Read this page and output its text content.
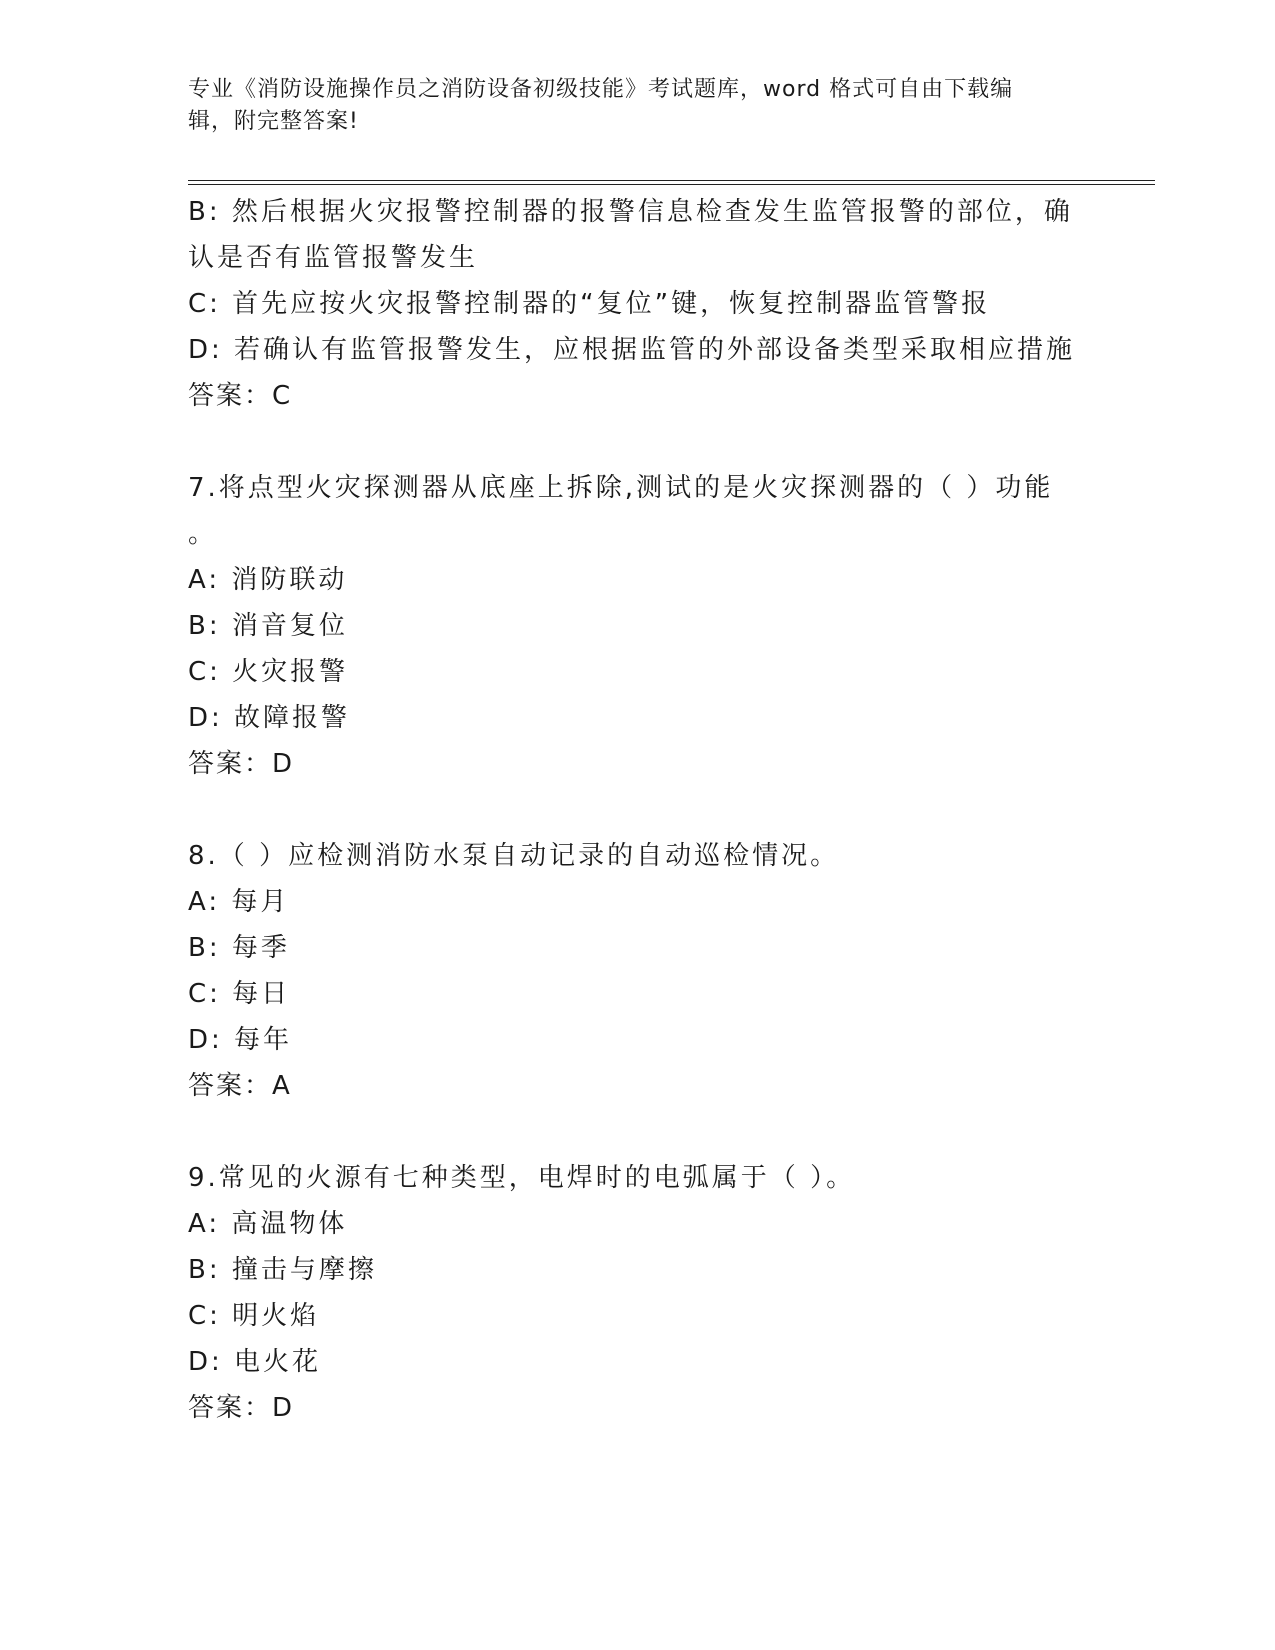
专业《消防设施操作员之消防设备初级技能》考试题库，word 格式可自由下载编
辑，附完整答案!
B: 然后根据火灾报警控制器的报警信息检查发生监管报警的部位，确
认是否有监管报警发生
C: 首先应按火灾报警控制器的“复位”键，恢复控制器监管警报
D: 若确认有监管报警发生，应根据监管的外部设备类型采取相应措施
答案：C
7.将点型火灾探测器从底座上拆除,测试的是火灾探测器的（ ）功能
。
A: 消防联动
B: 消音复位
C: 火灾报警
D: 故障报警
答案：D
8.（ ）应检测消防水泵自动记录的自动巡检情况。
A: 每月
B: 每季
C: 每日
D: 每年
答案：A
9.常见的火源有七种类型，电焊时的电弧属于（ ）。
A: 高温物体
B: 撞击与摩擦
C: 明火焰
D: 电火花
答案：D
